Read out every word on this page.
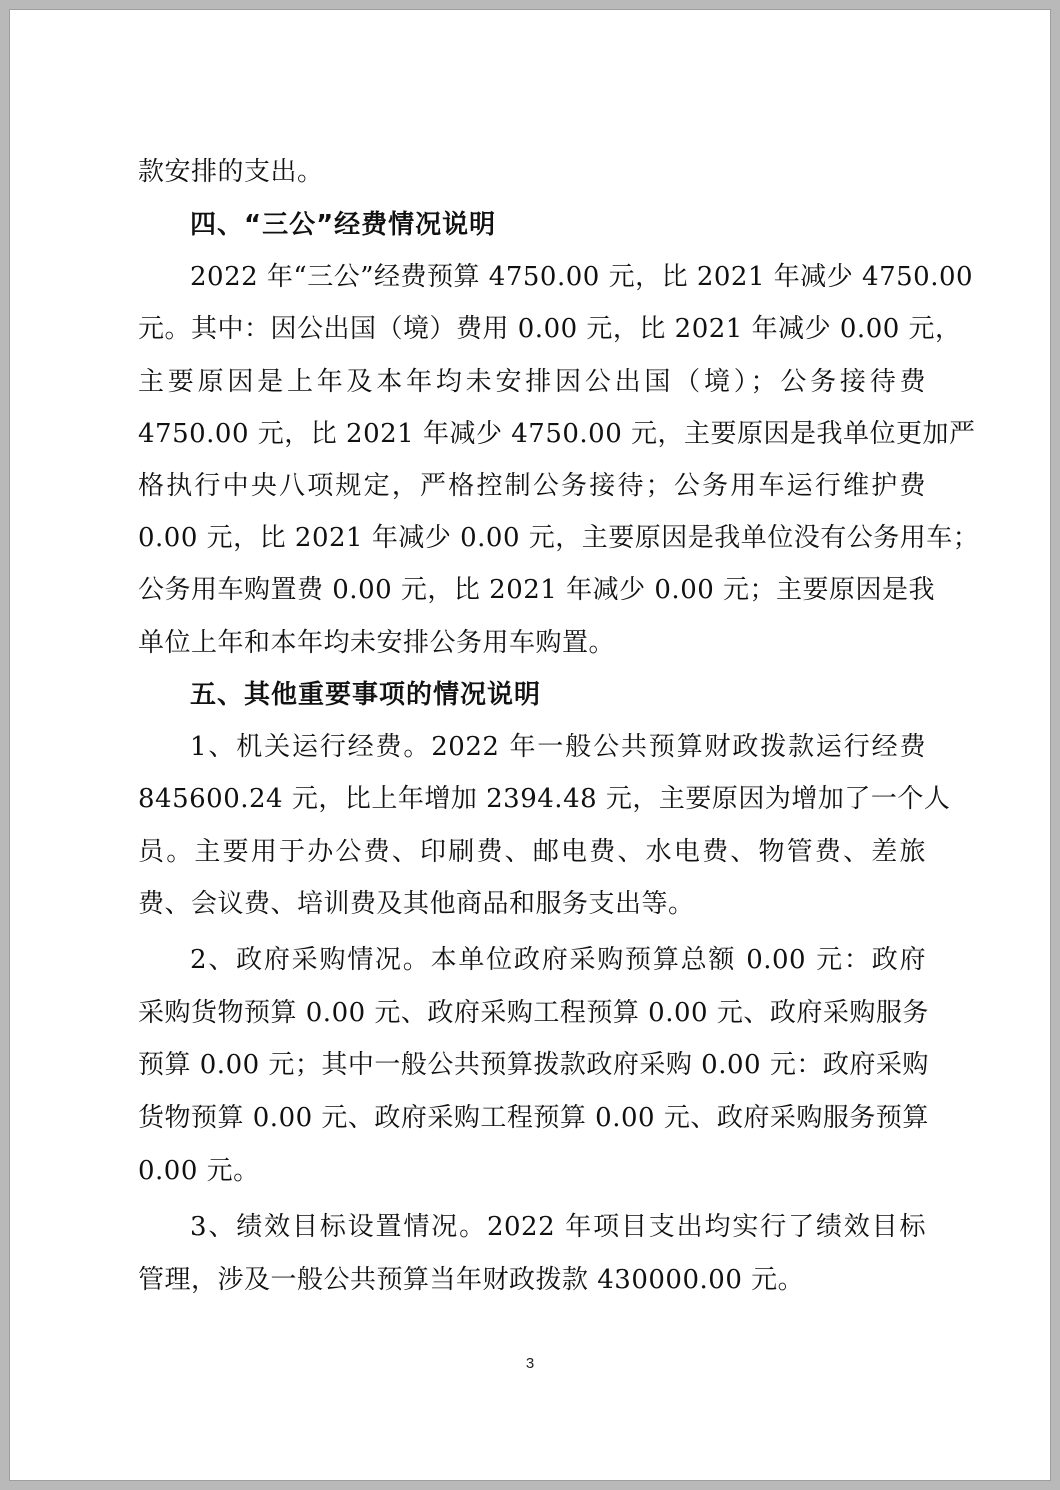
款安排的支出。
四、“三公”经费情况说明
2022 年“三公”经费预算 4750.00 元，比 2021 年减少 4750.00
元。其中：因公出国（境）费用 0.00 元，比 2021 年减少 0.00 元，
主要原因是上年及本年均未安排因公出国（境）；公务接待费
4750.00 元，比 2021 年减少 4750.00 元，主要原因是我单位更加严
格执行中央八项规定，严格控制公务接待；公务用车运行维护费
0.00 元，比 2021 年减少 0.00 元，主要原因是我单位没有公务用车；
公务用车购置费 0.00 元，比 2021 年减少 0.00 元；主要原因是我
单位上年和本年均未安排公务用车购置。
五、其他重要事项的情况说明
1、机关运行经费。2022 年一般公共预算财政拨款运行经费
845600.24 元，比上年增加 2394.48 元，主要原因为增加了一个人
员。主要用于办公费、印刷费、邮电费、水电费、物管费、差旅
费、会议费、培训费及其他商品和服务支出等。
2、政府采购情况。本单位政府采购预算总额 0.00 元：政府
采购货物预算 0.00 元、政府采购工程预算 0.00 元、政府采购服务
预算 0.00 元；其中一般公共预算拨款政府采购 0.00 元：政府采购
货物预算 0.00 元、政府采购工程预算 0.00 元、政府采购服务预算
0.00 元。
3、绩效目标设置情况。2022 年项目支出均实行了绩效目标
管理，涉及一般公共预算当年财政拨款 430000.00 元。
3
